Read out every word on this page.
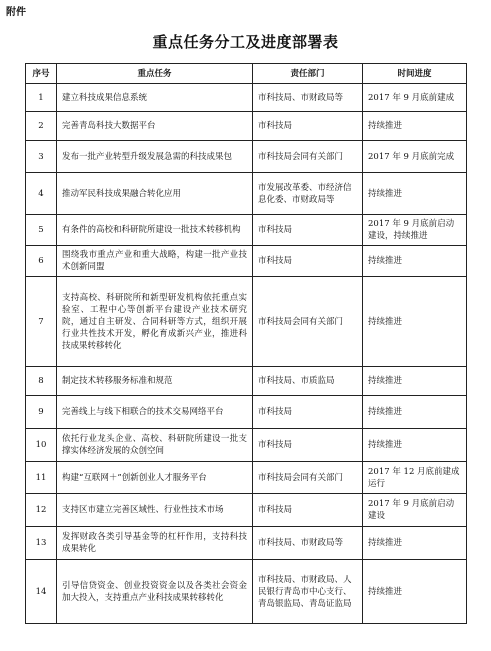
附件
重点任务分工及进度部署表
序号	重点任务	责任部门	时间进度
1	建立科技成果信息系统	市科技局、市财政局等	2017 年 9 月底前建成
2	完善青岛科技大数据平台	市科技局	持续推进
3	发布一批产业转型升级发展急需的科技成果包	市科技局会同有关部门	2017 年 9 月底前完成
4	推动军民科技成果融合转化应用	市发展改革委、市经济信息化委、市财政局等	持续推进
5	有条件的高校和科研院所建设一批技术转移机构	市科技局	2017 年 9 月底前启动建设，持续推进
6	围绕我市重点产业和重大战略，构建一批产业技术创新同盟	市科技局	持续推进
7	支持高校、科研院所和新型研发机构依托重点实验室、工程中心等创新平台建设产业技术研究院，通过自主研发、合同科研等方式，组织开展行业共性技术开发，孵化育成新兴产业，推进科技成果转移转化	市科技局会同有关部门	持续推进
8	制定技术转移服务标准和规范	市科技局、市质监局	持续推进
9	完善线上与线下相联合的技术交易网络平台	市科技局	持续推进
10	依托行业龙头企业、高校、科研院所建设一批支撑实体经济发展的众创空间	市科技局	持续推进
11	构建“互联网＋”创新创业人才服务平台	市科技局会同有关部门	2017 年 12 月底前建成运行
12	支持区市建立完善区域性、行业性技术市场	市科技局	2017 年 9 月底前启动建设
13	发挥财政各类引导基金等的杠杆作用，支持科技成果转化	市科技局、市财政局等	持续推进
14	引导信贷资金、创业投资资金以及各类社会资金加大投入，支持重点产业科技成果转移转化	市科技局、市财政局、人民银行青岛市中心支行、青岛银监局、青岛证监局	持续推进
